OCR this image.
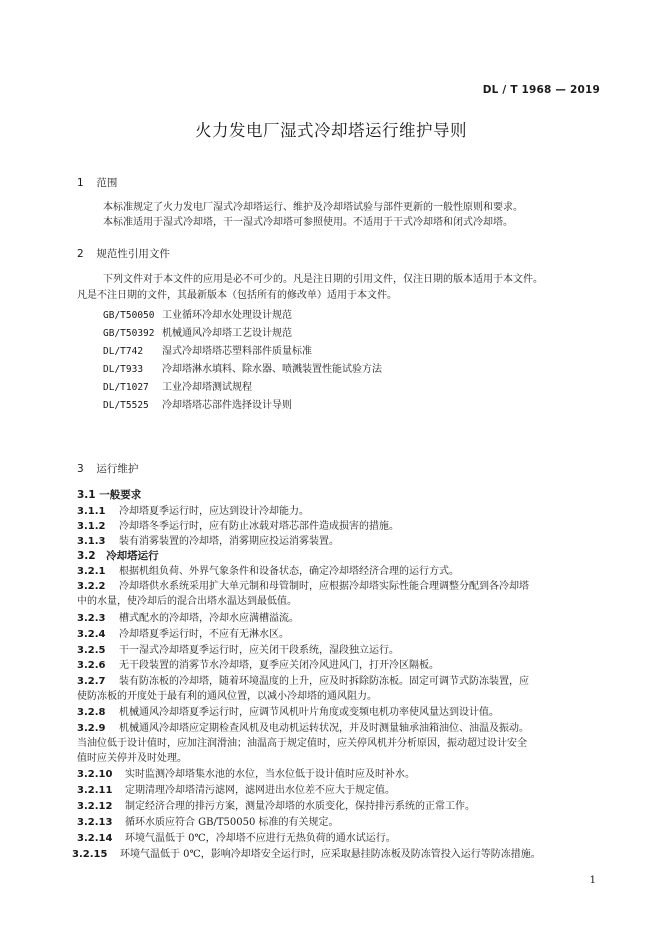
DL / T 1968 — 2019
火力发电厂湿式冷却塔运行维护导则
1 范围
本标准规定了火力发电厂湿式冷却塔运行、维护及冷却塔试验与部件更新的一般性原则和要求。
本标准适用于湿式冷却塔，干一湿式冷却塔可参照使用。不适用于干式冷却塔和闭式冷却塔。
2 规范性引用文件
下列文件对于本文件的应用是必不可少的。凡是注日期的引用文件，仅注日期的版本适用于本文件。
凡是不注日期的文件，其最新版本（包括所有的修改单）适用于本文件。
GB/T50050 工业循环冷却水处理设计规范
GB/T50392 机械通风冷却塔工艺设计规范
DL/T742 湿式冷却塔塔芯塑料部件质量标准
DL/T933 冷却塔淋水填料、除水器、喷溅装置性能试验方法
DL/T1027 工业冷却塔测试规程
DL/T5525 冷却塔塔芯部件选择设计导则
3 运行维护
3.1 一般要求
3.1.1 冷却塔夏季运行时，应达到设计冷却能力。
3.1.2 冷却塔冬季运行时，应有防止冰载对塔芯部件造成损害的措施。
3.1.3 装有消雾装置的冷却塔，消雾期应投运消雾装置。
3.2　冷却塔运行
3.2.1 根据机组负荷、外界气象条件和设备状态，确定冷却塔经济合理的运行方式。
3.2.2 冷却塔供水系统采用扩大单元制和母管制时，应根据冷却塔实际性能合理调整分配到各冷却塔
中的水量，使冷却后的混合出塔水温达到最低值。
3.2.3 槽式配水的冷却塔，冷却水应满槽溢流。
3.2.4 冷却塔夏季运行时，不应有无淋水区。
3.2.5 干一湿式冷却塔夏季运行时，应关闭干段系统，湿段独立运行。
3.2.6 无干段装置的消雾节水冷却塔，夏季应关闭冷风进风门，打开冷区隔板。
3.2.7 装有防冻板的冷却塔，随着环境温度的上升，应及时拆除防冻板。固定可调节式防冻装置，应
使防冻板的开度处于最有利的通风位置，以减小冷却塔的通风阻力。
3.2.8 机械通风冷却塔夏季运行时，应调节风机叶片角度或变频电机功率使风量达到设计值。
3.2.9 机械通风冷却塔应定期检查风机及电动机运转状况，并及时测量轴承油箱油位、油温及振动。
当油位低于设计值时，应加注润滑油；油温高于规定值时，应关停风机并分析原因，振动超过设计安全
值时应关停并及时处理。
3.2.10 实时监测冷却塔集水池的水位，当水位低于设计值时应及时补水。
3.2.11 定期清理冷却塔清污滤网，滤网进出水位差不应大于规定值。
3.2.12 制定经济合理的排污方案，测量冷却塔的水质变化，保持排污系统的正常工作。
3.2.13 循环水质应符合 GB/T50050 标准的有关规定。
3.2.14 环境气温低于 0℃，冷却塔不应进行无热负荷的通水试运行。
3.2.15 环境气温低于 0℃，影响冷却塔安全运行时，应采取悬挂防冻板及防冻管投入运行等防冻措施。
1
